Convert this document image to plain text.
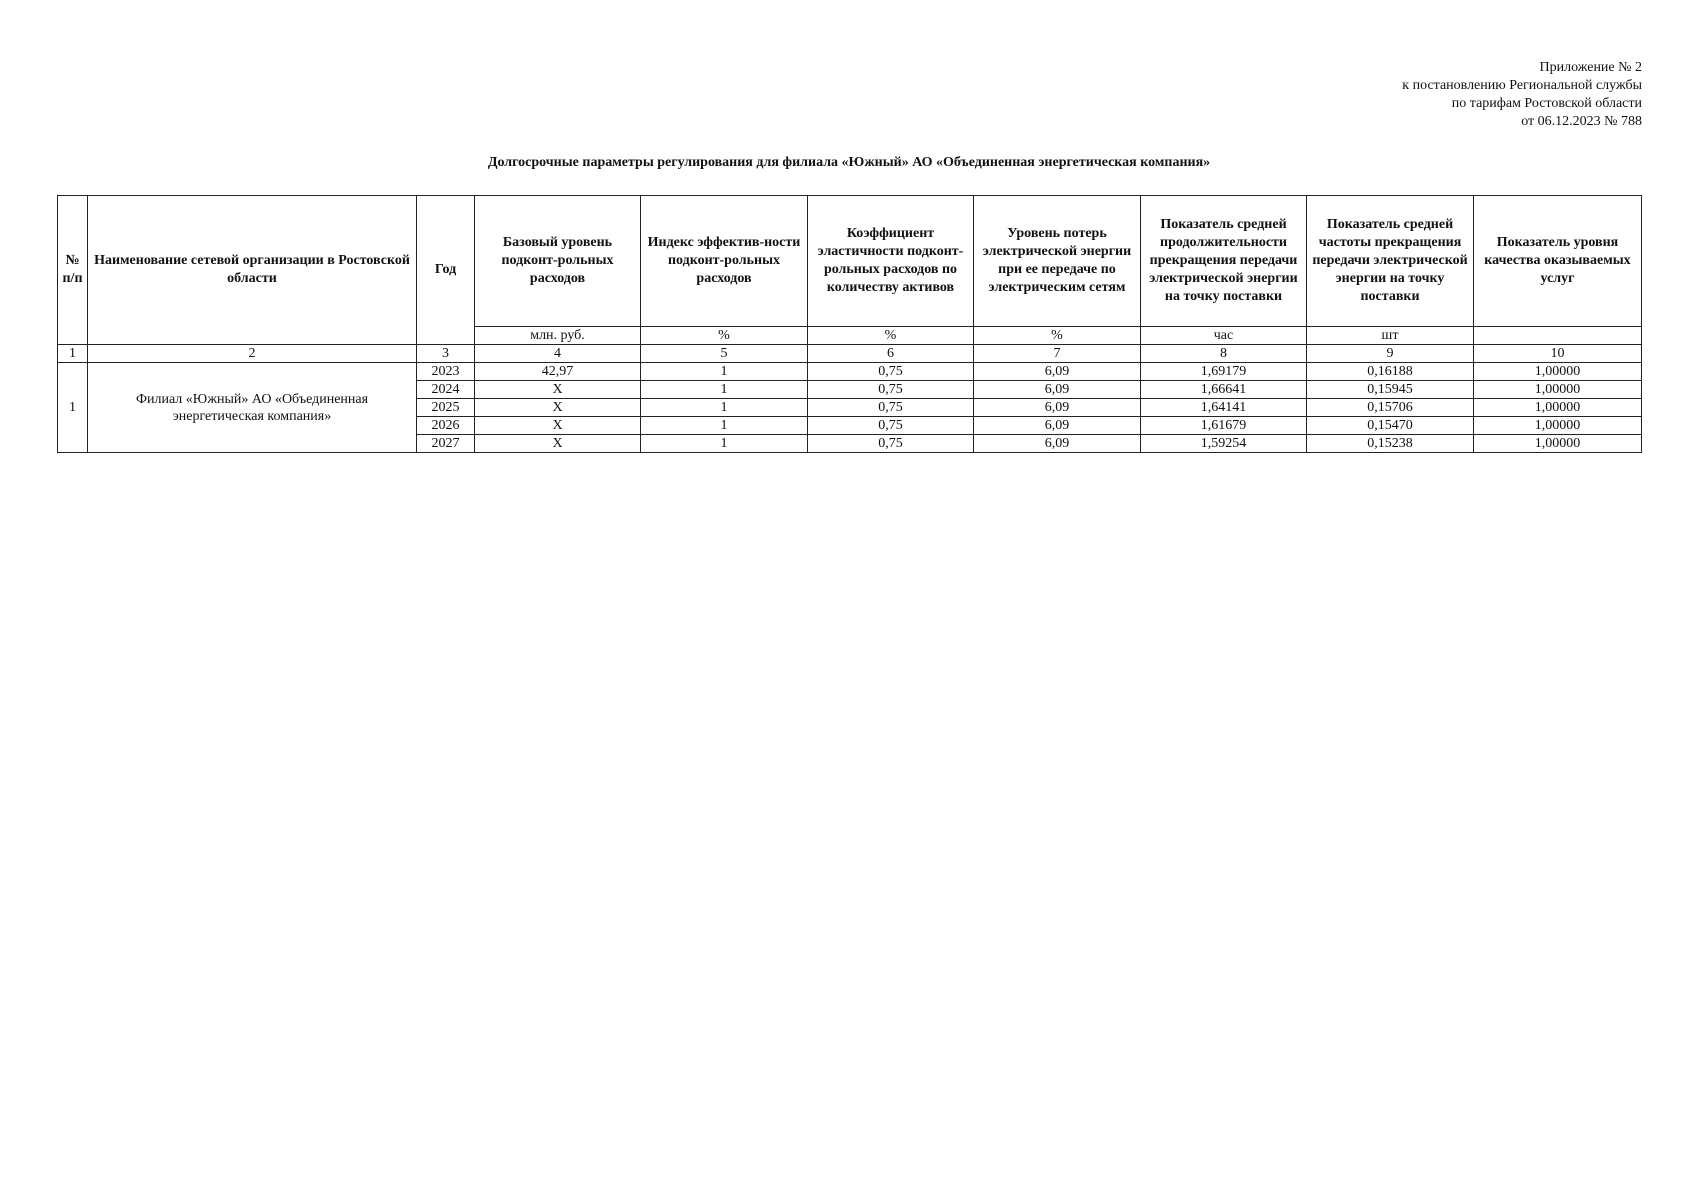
Приложение № 2
к постановлению Региональной службы
по тарифам Ростовской области
от 06.12.2023 № 788
Долгосрочные параметры регулирования для филиала «Южный» АО «Объединенная энергетическая компания»
№ п/п	Наименование сетевой организации в Ростовской области	Год	Базовый уровень подконт-рольных расходов	Индекс эффектив-ности подконт-рольных расходов	Коэффициент эластичности подконт-рольных расходов по количеству активов	Уровень потерь электрической энергии при ее передаче по электрическим сетям	Показатель средней продолжительности прекращения передачи электрической энергии на точку поставки	Показатель средней частоты прекращения передачи электрической энергии на точку поставки	Показатель уровня качества оказываемых услуг
			млн. руб.	%	%	%	час	шт	
1	2	3	4	5	6	7	8	9	10
1	Филиал «Южный» АО «Объединенная энергетическая компания»	2023	42,97	1	0,75	6,09	1,69179	0,16188	1,00000
		2024	X	1	0,75	6,09	1,66641	0,15945	1,00000
		2025	X	1	0,75	6,09	1,64141	0,15706	1,00000
		2026	X	1	0,75	6,09	1,61679	0,15470	1,00000
		2027	X	1	0,75	6,09	1,59254	0,15238	1,00000
